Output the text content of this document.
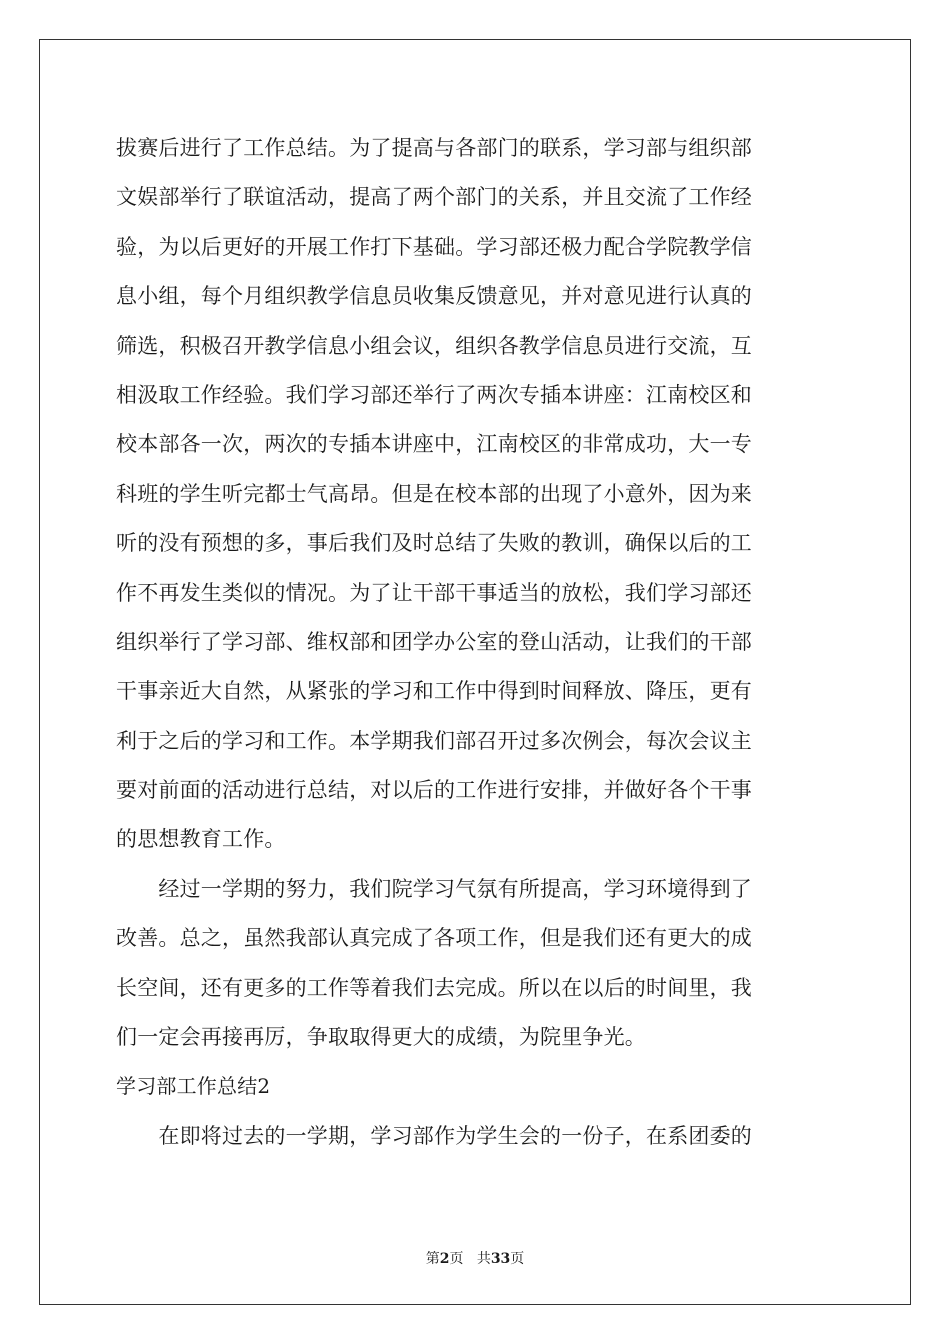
拔赛后进行了工作总结。为了提高与各部门的联系，学习部与组织部
文娱部举行了联谊活动，提高了两个部门的关系，并且交流了工作经
验，为以后更好的开展工作打下基础。学习部还极力配合学院教学信
息小组，每个月组织教学信息员收集反馈意见，并对意见进行认真的
筛选，积极召开教学信息小组会议，组织各教学信息员进行交流，互
相汲取工作经验。我们学习部还举行了两次专插本讲座：江南校区和
校本部各一次，两次的专插本讲座中，江南校区的非常成功，大一专
科班的学生听完都士气高昂。但是在校本部的出现了小意外，因为来
听的没有预想的多，事后我们及时总结了失败的教训，确保以后的工
作不再发生类似的情况。为了让干部干事适当的放松，我们学习部还
组织举行了学习部、维权部和团学办公室的登山活动，让我们的干部
干事亲近大自然，从紧张的学习和工作中得到时间释放、降压，更有
利于之后的学习和工作。本学期我们部召开过多次例会，每次会议主
要对前面的活动进行总结，对以后的工作进行安排，并做好各个干事
的思想教育工作。
　　经过一学期的努力，我们院学习气氛有所提高，学习环境得到了
改善。总之，虽然我部认真完成了各项工作，但是我们还有更大的成
长空间，还有更多的工作等着我们去完成。所以在以后的时间里，我
们一定会再接再厉，争取取得更大的成绩，为院里争光。
学习部工作总结2
　　在即将过去的一学期，学习部作为学生会的一份子，在系团委的
第2页 共33页
